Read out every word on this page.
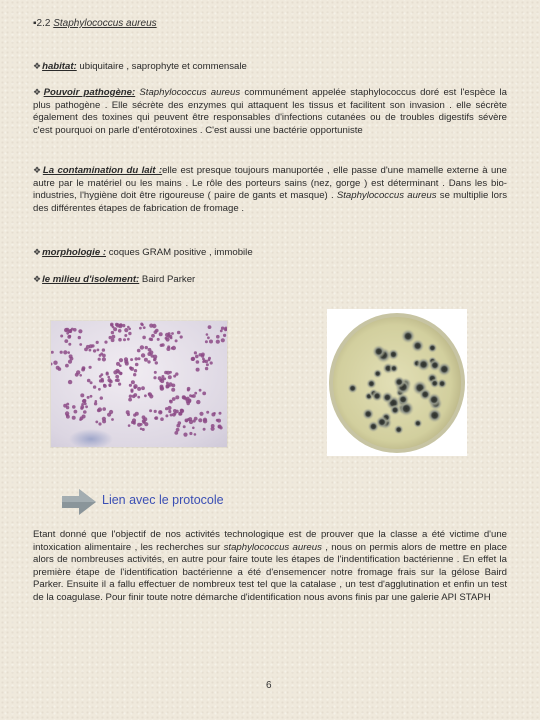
▪2.2 Staphylococcus aureus

❖habitat: ubiquitaire , saprophyte et commensale

❖Pouvoir pathogène: Staphylococcus aureus communément appelée staphylococcus doré est l'espèce la plus pathogène . Elle sécrète des enzymes qui attaquent les tissus et facilitent son invasion . elle sécrète également des toxines qui peuvent être responsables d'infections cutanées ou de troubles digestifs sévère c'est pourquoi on parle d'entérotoxines . C'est aussi une bactérie opportuniste

❖La contamination du lait :elle est presque toujours manuportée , elle passe d'une mamelle externe à une autre par le matériel ou les mains . Le rôle des porteurs sains (nez, gorge ) est déterminant . Dans les bio-industries, l'hygiène doit être rigoureuse ( paire de gants et masque) . Staphylococcus aureus se multiplie lors des différentes étapes de fabrication de fromage .

❖morphologie : coques GRAM positive , immobile

❖le milieu d'isolement: Baird Parker

Lien avec le protocole

Etant donné que l'objectif de nos activités technologique est de prouver que la classe a été victime d'une intoxication alimentaire , les recherches sur staphylococcus aureus , nous on permis alors de mettre en place alors de nombreuses activités, en autre pour faire toute les étapes de l'indentification bactérienne . En effet la première étape de l'identification bactérienne a été d'ensemencer notre fromage frais sur la gélose Baird Parker. Ensuite il a fallu effectuer de nombreux test tel que la catalase , un test d'agglutination et enfin un test de la coagulase. Pour finir toute notre démarche d'identification nous avons finis par une galerie API STAPH

6
